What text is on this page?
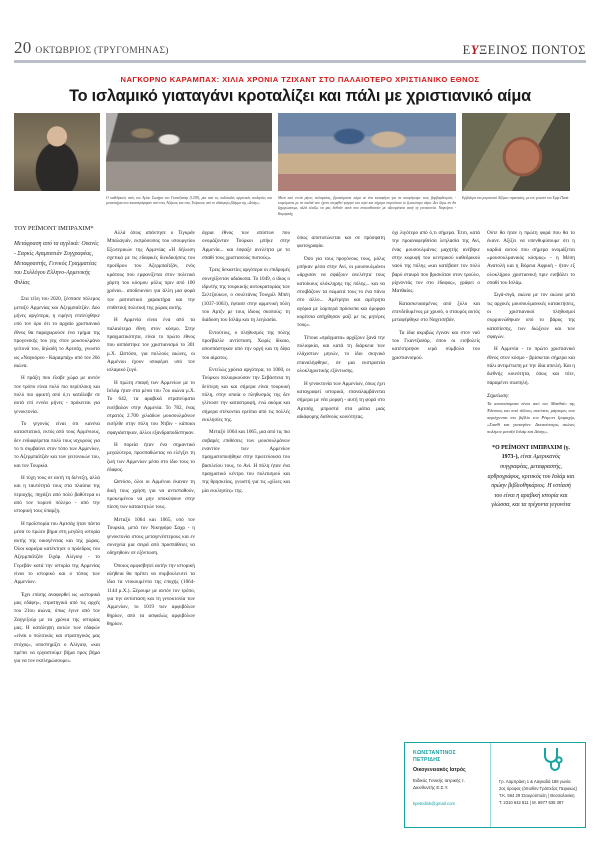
20 ΟΚΤΩΒΡΙΟΣ (ΤΡΥΓΟΜΗΝΑΣ)	ΕΥΞΕΙΝΟΣ ΠΟΝΤΟΣ
ΝΑΓΚΟΡΝΟ ΚΑΡΑΜΠΑΧ: ΧΙΛΙΑ ΧΡΟΝΙΑ ΤΖΙΧΑΝΤ ΣΤΟ ΠΑΛΑΙΟΤΕΡΟ ΧΡΙΣΤΙΑΝΙΚΟ ΕΘΝΟΣ
Το ισλαμικό γιαταγάνι κροταλίζει και πάλι με χριστιανικό αίμα
Ο καθεδρικός ναός του Αγίου Σωτήρα στο Γκαντζασάρ (1238), μια από τις πολλαπλές αρμενικές εκκλησίες και μοναστήρια που καταστράφηκαν από τους Αζέρους και τους Τούρκους υπό το αδιάφορο βλέμμα της «Δύσης».
Μετά από εννιά μήνες πολιορκίας, βρισκόμαστε τώρα σε ένα καταφύγιο για να αποφύγουμε τους βομβαρδισμούς - κοιμόμαστε με τα παιδιά που έχουν στερηθεί φαγητό και νερό και σήμερα στερούνται το ζωτικότερο αέρα. Δεν ξέρω αν θα ξημερώσουμε, αλλά ελπίζω να μας δοθούν αυτά που αντικαθιστούν με αξιοπρέπεια αυτή τη γενοκτονία. Ναγκόρνο - Καραμπάχ
Εμβόλιμα στο μπροστινό Αζέρων στρατιώτη, με τον γνωστό του Εμίρ Πασά
ΤΟΥ ΡΕΪΜΟΝΤ ΙΜΠΡΑΧΙΜ*
Μετάφραση από τα αγγλικά: Ουανές - Σαρκίς Αγαμπατιάν Συγγραφέας, Μεταφραστής, Γενικός Γραμματέας του Συλλόγου Ελληνο-Αρμενικής Φιλίας

Στα τέλη του 2020, ξέσπασε πόλεμος μεταξύ Αρμενίας και Αζερμπαϊτζάν. Δύο μήνες αργότερα, η ειρήνη επιτεύχθηκε υπό τον όρο ότι το αρχαίο χριστιανικό έθνος θα παραχωρούσε ένα τμήμα της προγονικής του γης στον μουσουλμάνο γείτονά του, δηλαδή το Αρτσάχ, γνωστό ως «Ναγκόρνο - Καραμπάχ» από τον 20ό αιώνα.

Η πράξη που έλαβε χώρα με αυτόν τον τρόπο είναι πολύ πιο περίπλοκη και πολύ πιο φρικτή από ό,τι κατάλαβε σε αυτά επί εννέα μήνες - πρόκειται για γενοκτονία.

Το γεγονός είναι ότι κανένα καταστατικό, εκτός από τους Αρμένιους, δεν ενδιαφέρεται πολύ τους ισχυρούς για το τι συμβαίνει στον τόπο των Αρμενίων, το Αζερμπαϊτζάν και των γειτονικών του, και τον Τουρκία.

Η τύχη τους σε αυτή τη διένεξη, αλλά και η ταυτότητά τους στα πλαίσια της περιοχής, πηγάζει από πολύ βαθύτερα κι από τον τωρινό πόλεμο - από την ιστορική τους ύπαρξη.

Η προϊστορία του Αρτσάχ ήταν πάντα μέσα το πρώτο βήμα στη μεγάλη ιστορία αυτής της οικογένειας και της χώρας. Όλοι καριέρα κατέκτησε ο πρόεδρος του Αζερμπαϊτζάν Ιλχάμ Αλίγιεφ - το Γερεβάν κατά την ιστορία της Αρμενίας είναι το ιστορικό και ο τόπος των Αρμενίων.

Έχει επίσης αναφερθεί ως «ιστορικά μας εδάφη», στρατηγικά από τις αρχές του 21ου αιώνα, όπως έγινε από τον Ζαγγεζούρ με τα χρόνια της ιστορίας μας. Η κατάληψη αυτών των εδαφών «είναι ο πολιτικός και στρατηγικός μας στόχος», υποστηρίζει ο Αλίγιεφ, «και πρέπει να εργαστούμε βήμα προς βήμα για να τον εκπληρώσουμε».

Αλλά όπως απάντησε ο Τιγκράν Μπαλαγιάν, εκπρόσωπος του υπουργείου Εξωτερικών της Αρμενίας «Η δήλωση σχετικά με τις εδαφικές διεκδικήσεις του προέδρου του Αζερμπαϊτζάν, ενός κράτους που εμφανίζεται στον πολιτικό χάρτη του κόσμου μόλις πριν από 100 χρόνια... αποδεικνύει για άλλη μια φορά τον ρατσιστικό χαρακτήρα και την επιθετική πολιτική της χώρας αυτής.

Η Αρμενία είναι ένα από τα παλαιότερα έθνη στον κόσμο. Στην πραγματικότητα, είναι το πρώτο έθνος που ασπάστηκε τον χριστιανισμό το 301 μ.Χ. Ωστόσο, για πολλούς αιώνες, οι Αρμένιοι έχουν υποφέρει υπό τον ισλαμικό ζυγό.

Η πρώτη επαφή των Αρμενίων με το Ισλάμ ήταν στα μέσα του 7ου αιώνα μ.Χ. Το 642, τα αραβικά στρατεύματα εισέβαλαν στην Αρμενία. Το 782, ένας στρατός 2.700 χιλιάδων μουσουλμάνων εισήλθε στην πόλη του Ντβιν - κάποιοι σφαγιάστηκαν, άλλοι εξανδραποδίστηκαν.

Η πορεία ήταν ένα σημαντικό μεγαλύτερο, προσπαθώντας να ελέγξει τη ζωή των Αρμενίων μέσα στο ίδιο τους το έδαφος.

Ωστόσο, όλοι οι Αρμένιοι έκαναν τη δική τους χρήση για να αντισταθούν, προκειμένου να μην υποκύψουν στην πίεση των κατακτητών τους.

Μεταξύ 1064 και 1065, υπό τον Τουρκία, μετά τον Νικηφόρο Σαχρ - η γενοκτονία στους μεταγενέστερους και εν συνεχεία μια σειρά από προσπάθειες να οδηγηθούν σε εξόντωση.

Όποιος αμφισβητεί αυτήν την ιστορική αλήθεια θα πρέπει να συμβουλευτεί τα ίδια τα ντοκουμέντα της εποχής (1064-1144 μ.Χ.). Ξέρουμε με αυτόν τον τρόπο, για την αντίσταση και τη γενοκτονία των Αρμενίων, το 1019 των αμφιβόλων θηρίων, από τα ασφαλώς αμφιβόλων θηρίων.

άγρια έθνος των απίστων που ονομάζονταν Τούρκοι μπήκε στην Αρμενία... και έσφαξε ανελέητα με το σπαθί τους χριστιανούς πιστούς».

Τρεις δεκαετίες αργότερα οι επιδρομές συνεχίζονταν αδιάκοπα. Το 1049, ο ίδιος ο ιδρυτής της τουρκικής αυτοκρατορίας των Σελτζούκων, ο σουλτάνος Τουγρίλ Μπέη (1037-1063), έφτασε στην αρμενική πόλη του Αρτζν με τους ίδιους σκοπούς: τη διάδοση του Ισλάμ και τη λεηλασία.

Εντούτοις, ο πληθυσμός της πόλης προέβαλλε αντίσταση. Χωρίς δίκαιο, αποσπάστηκαν από την οργή και τη δίψα του αίματος.

Εντελώς χρόνια αργότερα, το 1060, οι Τούρκοι πολιορκούσαν την Σεβάστεια τη δεύτερη και και σήμερα είναι τουρκική πόλη, στην οποία ο πληθυσμός της δεν γλίτωσε την καταστροφή, ενώ ακόμα και σήμερα στέκονται ερείπια από τις πολλές εκκλησίες της.

Μεταξύ 1064 και 1065, μια από τις πιο σοβαρές επιθέσεις των μουσουλμάνων εναντίον των Αρμενίων πραγματοποιήθηκε στην πρωτεύουσα του βασιλείου τους, το Ανί. Η πόλη ήταν ένα πραγματικό κέντρο του πολιτισμού και της θρησκείας, γνωστή για τις «χίλιες και μία εκκλησίες» της.

όπως αποτυπώνεται και σε πρόσφατη φωτογραφία.

Όσο για τους προγόνους τους, μόλις μπήκαν μέσα στην Ανί, οι μουσουλμάνοι «άρχισαν να σφάζουν ανελέητα τους κατοίκους ολόκληρης της πόλης... και να στοιβάζουν τα σώματά τους το ένα πάνω στο άλλο... Αμέτρητα και αμέτρητα αγόρια με λαμπερά πρόσωπα και όμορφα κορίτσια απήχθησαν μαζί με τις μητέρες τους».

Τέτοια «πράγματα» αρχίζουν ξανά την πολιορκία, και κατά τη διάρκεια των ελάχιστων μηνών, το ίδιο σκηνικό επαναλήφθηκε, σε μια εκστρατεία ολοκληρωτικής εξόντωσης.

Η γενοκτονία των Αρμενίων, όπως έχει καταγραφεί ιστορικά, επαναλαμβάνεται σήμερα με νέα μορφή - αυτή τη φορά στο Αρτσάχ, μπροστά στα μάτια μιας αδιάφορης διεθνούς κοινότητας.

όχι λιγότερο από ό,τι σήμερα. Έτσι, κατά την προαναφερθείσα λεηλασία της Ανί, ένας μουσουλμάνος μαχητής ανέβηκε στην κορυφή του κεντρικού καθεδρικού ναού της πόλης «και κατέβασε τον πολύ βαρύ σταυρό που βρισκόταν στον τρούλο, ρίχνοντάς τον στο έδαφος», γράφει ο Ματθαίος.

Κατασκευασμένος από ξύλο και επενδεδυμένος με χρυσό, ο σταυρός αυτός μεταφέρθηκε στο Ναχιτσεβάν.

Τα ίδια ακριβώς έγιναν και στον ναό του Γκαντζασάρ, όπου οι εισβολείς κατέστρεψαν ιερά σύμβολα του χριστιανισμού.

Ούτε θα ήταν η πρώτη φορά που θα το έκανε. Αξίζει να υπενθυμίσουμε ότι η καρδιά αυτού που σήμερα ονομάζεται «μουσουλμανικός κόσμος» - η Μέση Ανατολή και η Βόρεια Αφρική - ήταν εξ ολοκλήρου χριστιανική πριν εισβάλει το σπαθί του Ισλάμ.

Σιγά-σιγά, αιώνα με τον αιώνα μετά τις αρχικές μουσουλμανικές κατακτήσεις, οι χριστιανικοί πληθυσμοί συρρικνώθηκαν υπό το βάρος της καταπίεσης, των διώξεων και των σφαγών.

Η Αρμενία - το πρώτο χριστιανικό έθνος στον κόσμο - βρίσκεται σήμερα και πάλι αντιμέτωπη με την ίδια απειλή. Και η διεθνής κοινότητα, όπως και τότε, παραμένει σιωπηλή.

Σημείωση:
Τα αποσπάσματα είναι από τον Ματθαίο της Έδεσσας και από άλλους αυτόπτες μάρτυρες που περιέχονται στο βιβλίο του Ρέιμοντ Ιμπραχίμ, «Σπαθί και γιαταγάνι: Δεκατέσσερις αιώνες πολέμου μεταξύ Ισλάμ και Δύσης».
*Ο ΡΕΪΜΟΝΤ ΙΜΠΡΑΧΙΜ (γ. 1973-), είναι Αμερικανός συγγραφέας, μεταφραστής, αρθρογράφος, κριτικός του Ισλάμ και πρώην βιβλιοθηκάριος. Η εστίασή του είναι η αραβική ιστορία και γλώσσα, και τα τρέχοντα γεγονότα
ΚΩΝΣΤΑΝΤΙΝΟΣ ΠΕΤΡΙΔΗΣ
Οικογενειακός Ιατρός
Ειδικός Γενικής Ιατρικής τ. Διευθυντής Ε.Σ.Υ.
kpetridisk@gmail.com
Γρ. Λαμπράκη 1 & Λαγκαδά 188 γωνία
2ος όροφος (όπισθεν Τράπεζας Πειραιώς)
Τ.Κ. 564 29 Σταυρούπολη | Θεσσαλονίκη
Τ. 2310 642 811 | Μ. 6977 635 397
